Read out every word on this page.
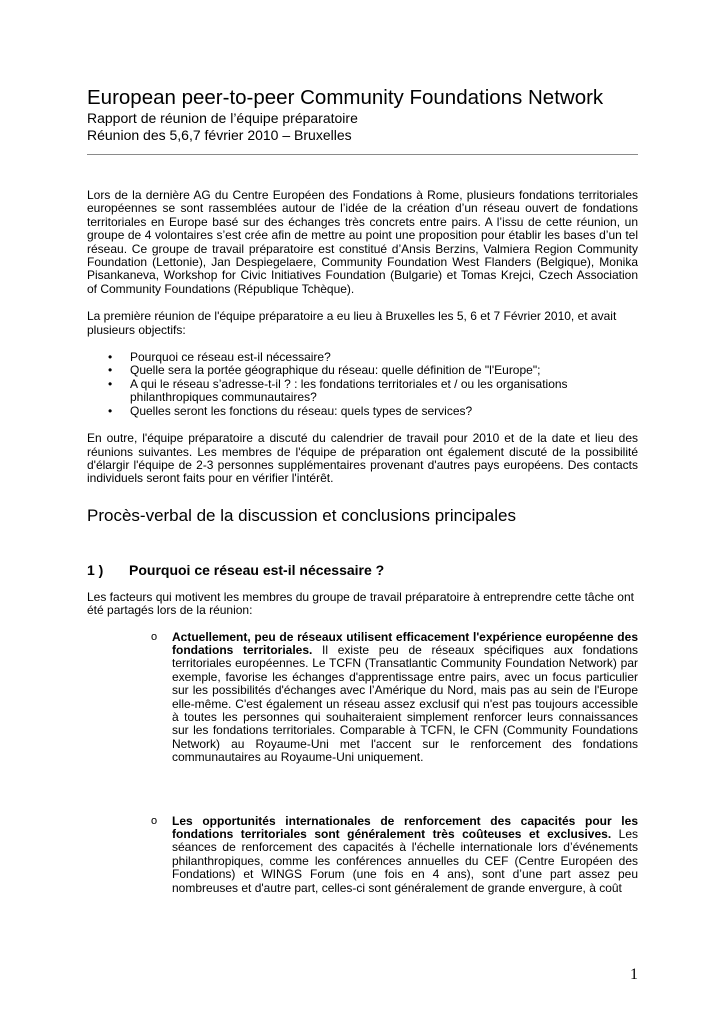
European peer-to-peer Community Foundations Network
Rapport de réunion de l’équipe préparatoire
Réunion des 5,6,7 février 2010 – Bruxelles

Lors de la dernière AG du Centre Européen des Fondations à Rome, plusieurs fondations territoriales européennes se sont rassemblées autour de l’idée de la création d’un réseau ouvert de fondations territoriales en Europe basé sur des échanges très concrets entre pairs. A l’issu de cette réunion, un groupe de 4 volontaires s’est crée afin de mettre au point une proposition pour établir les bases d’un tel réseau. Ce groupe de travail préparatoire est constitué d’Ansis Berzins, Valmiera Region Community Foundation (Lettonie), Jan Despiegelaere, Community Foundation West Flanders (Belgique), Monika Pisankaneva, Workshop for Civic Initiatives Foundation (Bulgarie) et Tomas Krejci, Czech Association of Community Foundations (République Tchèque).

La première réunion de l'équipe préparatoire a eu lieu à Bruxelles les 5, 6 et 7 Février 2010, et avait plusieurs objectifs:

• Pourquoi ce réseau est-il nécessaire?
• Quelle sera la portée géographique du réseau: quelle définition de "l'Europe";
• A qui le réseau s’adresse-t-il ? : les fondations territoriales et / ou les organisations philanthropiques communautaires?
• Quelles seront les fonctions du réseau: quels types de services?

En outre, l'équipe préparatoire a discuté du calendrier de travail pour 2010 et de la date et lieu des réunions suivantes. Les membres de l'équipe de préparation ont également discuté de la possibilité d'élargir l'équipe de 2-3 personnes supplémentaires provenant d'autres pays européens. Des contacts individuels seront faits pour en vérifier l'intérêt.

Procès-verbal de la discussion et conclusions principales
1 )	Pourquoi ce réseau est-il nécessaire ?

Les facteurs qui motivent les membres du groupe de travail préparatoire à entreprendre cette tâche ont été partagés lors de la réunion:

o Actuellement, peu de réseaux utilisent efficacement l'expérience européenne des fondations territoriales. Il existe peu de réseaux spécifiques aux fondations territoriales européennes. Le TCFN (Transatlantic Community Foundation Network) par exemple, favorise les échanges d'apprentissage entre pairs, avec un focus particulier sur les possibilités d'échanges avec l’Amérique du Nord, mais pas au sein de l'Europe elle-même. C'est également un réseau assez exclusif qui n'est pas toujours accessible à toutes les personnes qui souhaiteraient simplement renforcer leurs connaissances sur les fondations territoriales. Comparable à TCFN, le CFN (Community Foundations Network) au Royaume-Uni met l'accent sur le renforcement des fondations communautaires au Royaume-Uni uniquement.
o Les opportunités internationales de renforcement des capacités pour les fondations territoriales sont généralement très coûteuses et exclusives. Les séances de renforcement des capacités à l'échelle internationale lors d’événements philanthropiques, comme les conférences annuelles du CEF (Centre Européen des Fondations) et WINGS Forum (une fois en 4 ans), sont d’une part assez peu nombreuses et d'autre part, celles-ci sont généralement de grande envergure, à coût
1
